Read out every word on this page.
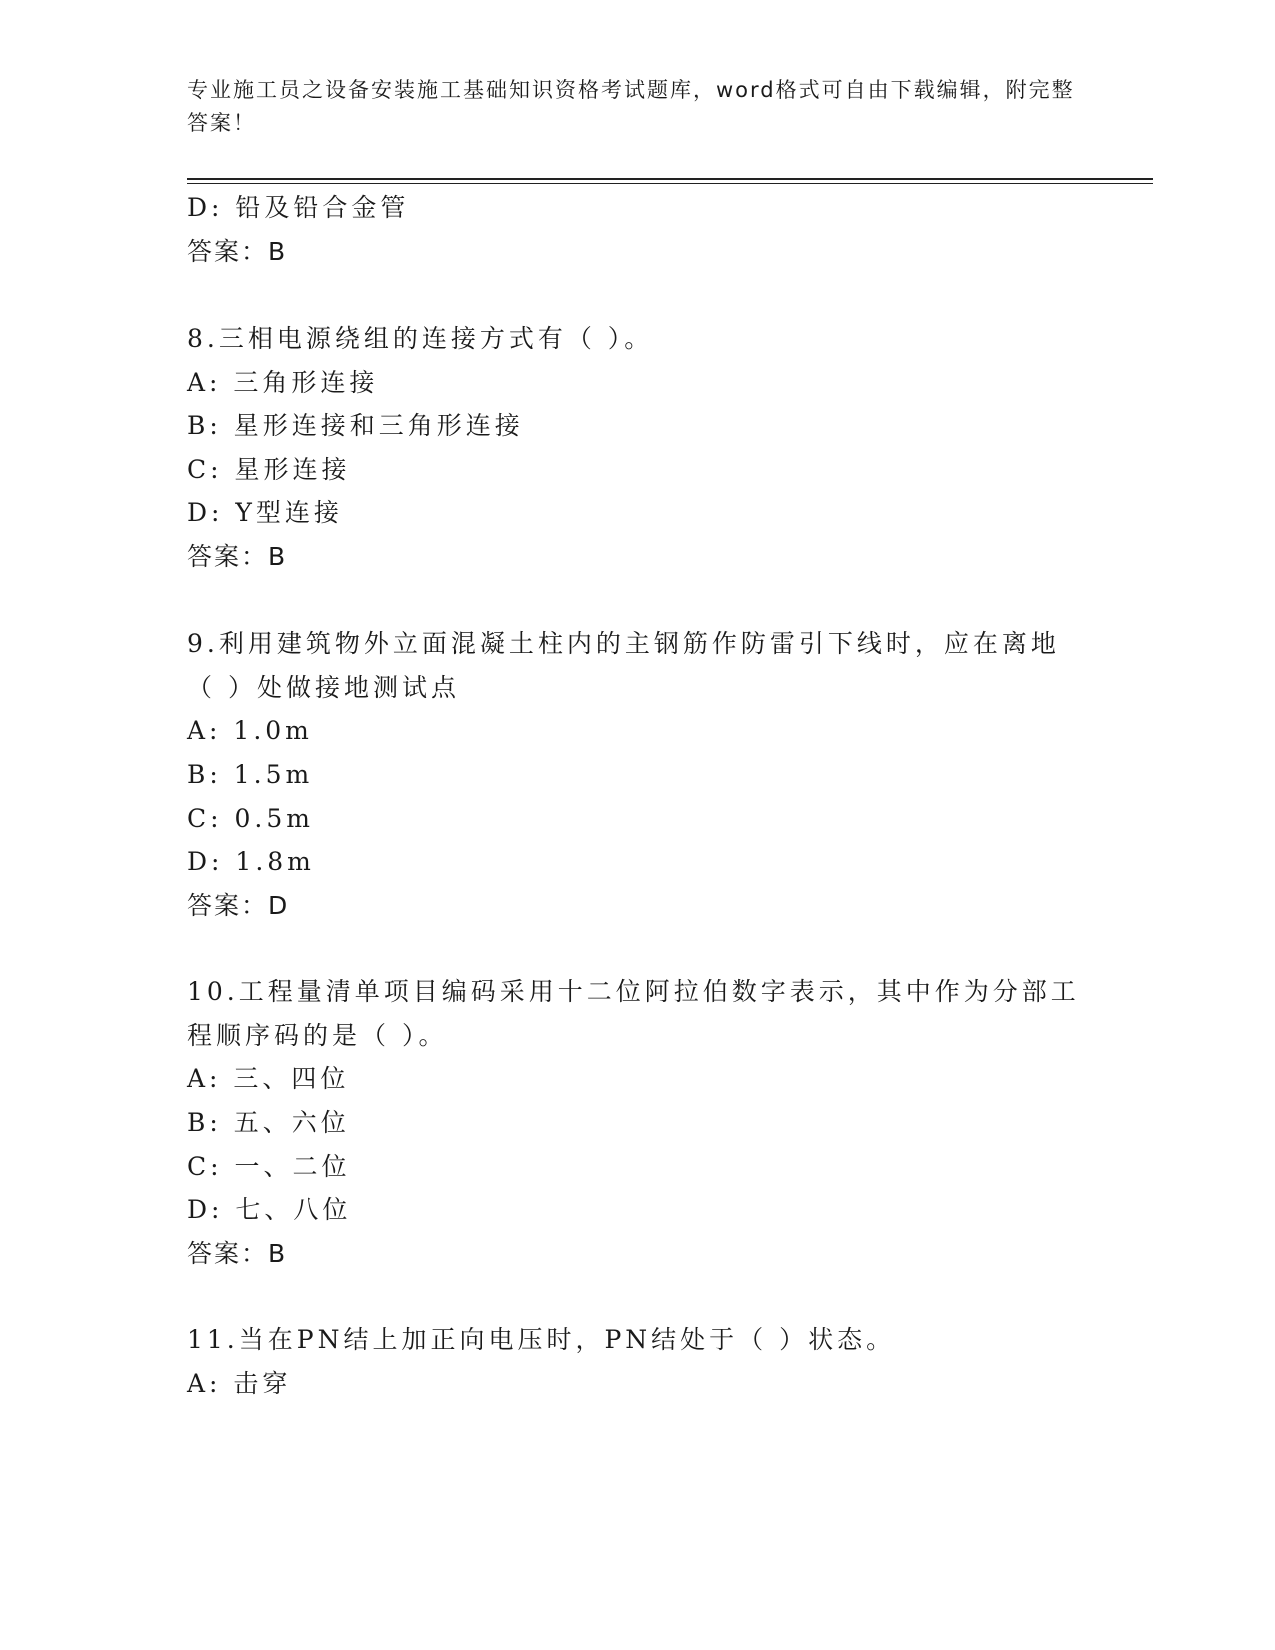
专业施工员之设备安装施工基础知识资格考试题库，word格式可自由下载编辑，附完整答案！
D: 铅及铅合金管
答案：B
8.三相电源绕组的连接方式有（ ）。
A: 三角形连接
B: 星形连接和三角形连接
C: 星形连接
D: Y型连接
答案：B
9.利用建筑物外立面混凝土柱内的主钢筋作防雷引下线时，应在离地
（ ）处做接地测试点
A: 1.0m
B: 1.5m
C: 0.5m
D: 1.8m
答案：D
10.工程量清单项目编码采用十二位阿拉伯数字表示，其中作为分部工
程顺序码的是（ ）。
A: 三、四位
B: 五、六位
C: 一、二位
D: 七、八位
答案：B
11.当在PN结上加正向电压时，PN结处于（ ）状态。
A: 击穿
